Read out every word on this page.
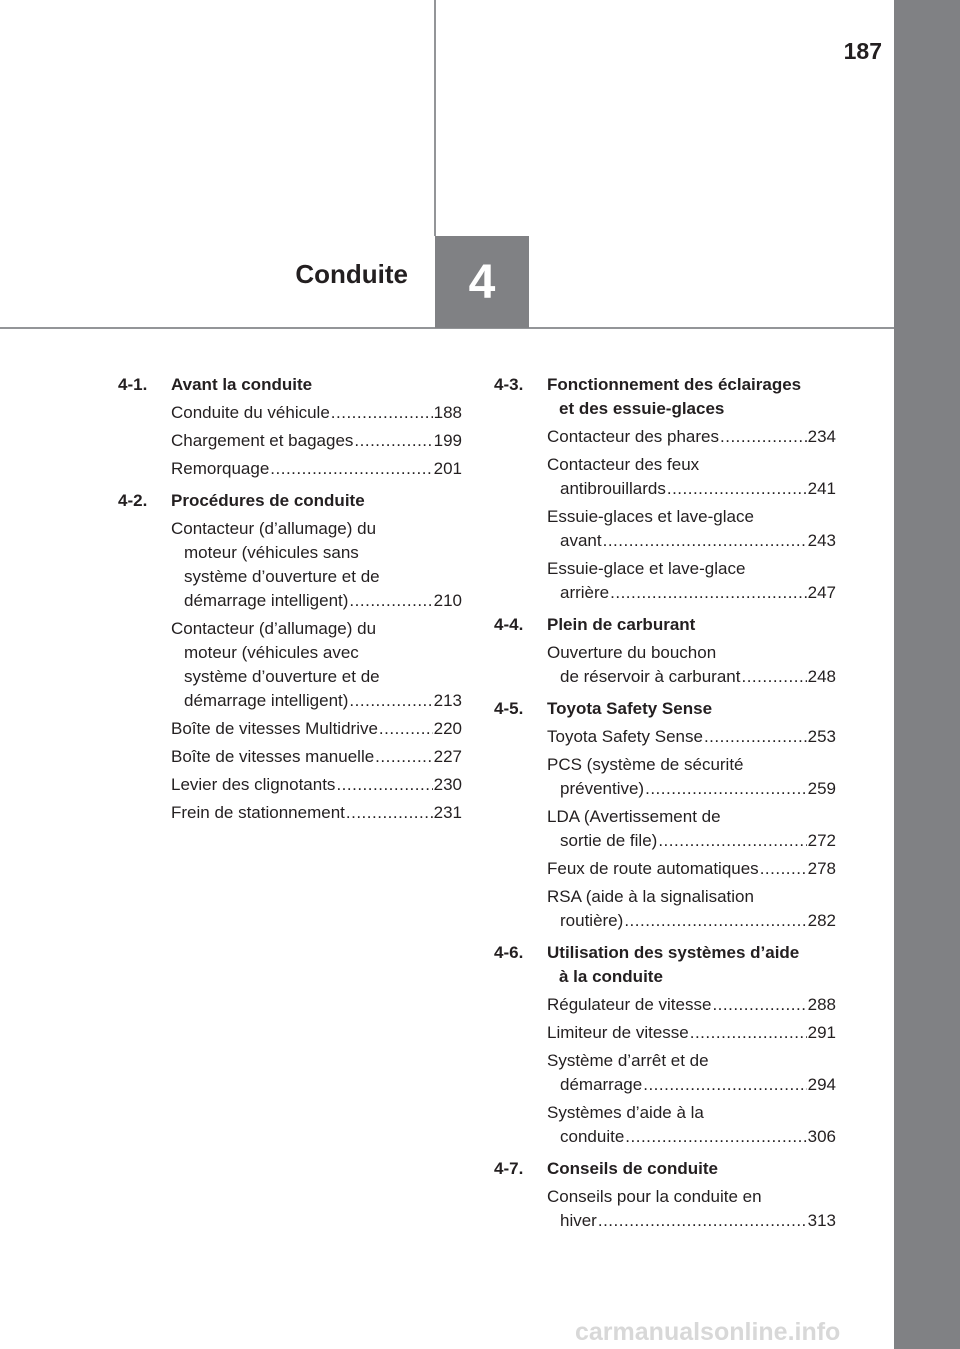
187
Conduite 4
4-1.	Avant la conduite
Conduite du véhicule .....	188
Chargement et bagages .....	199
Remorquage .....	201
4-2.	Procédures de conduite
Contacteur (d’allumage) du
moteur (véhicules sans
système d’ouverture et de
démarrage intelligent) .....	210
Contacteur (d’allumage) du
moteur (véhicules avec
système d’ouverture et de
démarrage intelligent) .....	213
Boîte de vitesses Multidrive .....	220
Boîte de vitesses manuelle .....	227
Levier des clignotants .....	230
Frein de stationnement .....	231
4-3.	Fonctionnement des éclairages

et des essuie-glaces
Contacteur des phares .....	234
Contacteur des feux
antibrouillards .....	241
Essuie-glaces et lave-glace
avant .....	243
Essuie-glace et lave-glace
arrière .....	247
4-4.	Plein de carburant
Ouverture du bouchon
de réservoir à carburant .....	248
4-5.	Toyota Safety Sense
Toyota Safety Sense .....	253
PCS (système de sécurité
préventive) .....	259
LDA (Avertissement de
sortie de file) .....	272
Feux de route automatiques .....	278
RSA (aide à la signalisation
routière) .....	282
4-6.	Utilisation des systèmes d’aide

à la conduite
Régulateur de vitesse .....	288
Limiteur de vitesse .....	291
Système d’arrêt et de
démarrage .....	294
Systèmes d’aide à la
conduite .....	306
4-7.	Conseils de conduite
Conseils pour la conduite en
hiver .....	313
carmanualsonline.info
